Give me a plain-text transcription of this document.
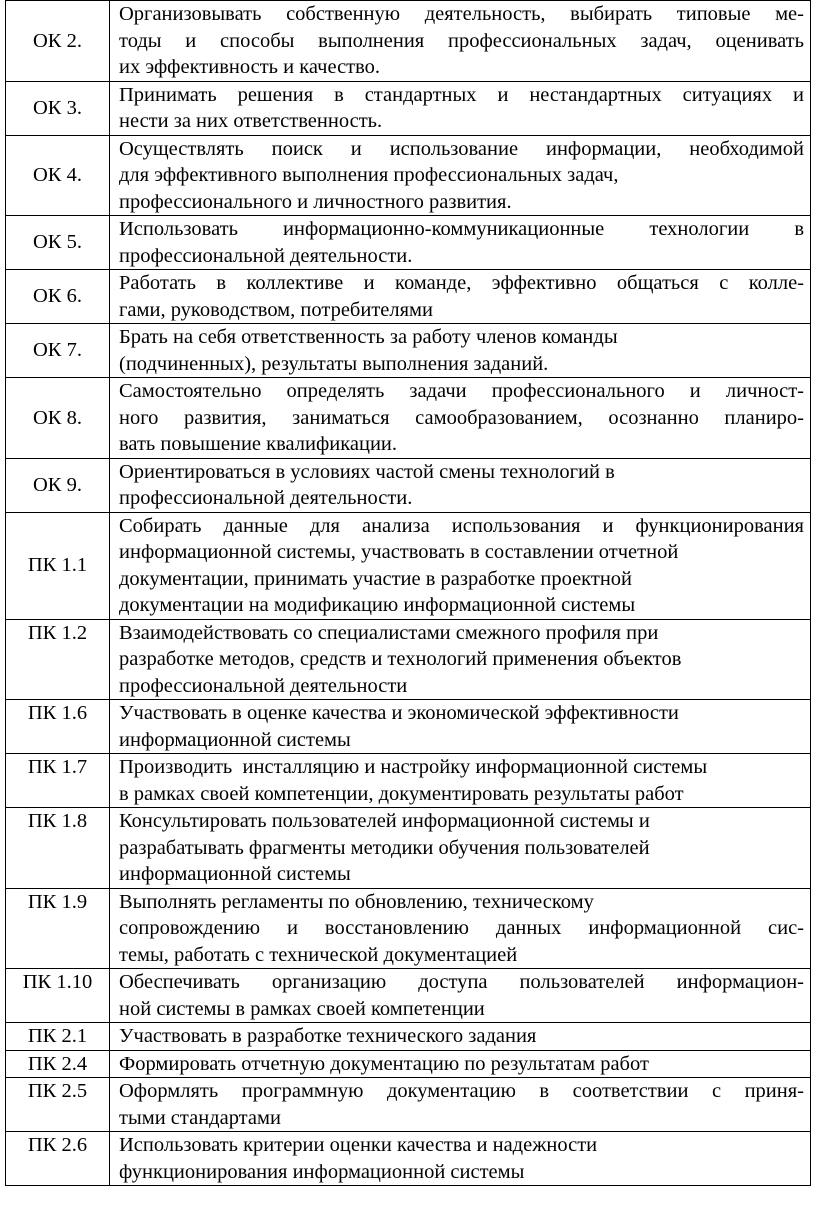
ОК 2.	Организовывать собственную деятельность, выбирать типовые ме-
тоды и способы выполнения профессиональных задач, оценивать
их эффективность и качество.

ОК 3.	Принимать решения в стандартных и нестандартных ситуациях и
нести за них ответственность.

ОК 4.	Осуществлять поиск и использование информации, необходимой
для эффективного выполнения профессиональных задач,
профессионального и личностного развития.

ОК 5.	Использовать информационно-коммуникационные технологии в
профессиональной деятельности.

ОК 6.	Работать в коллективе и команде, эффективно общаться с колле-
гами, руководством, потребителями

ОК 7.	Брать на себя ответственность за работу членов команды
(подчиненных), результаты выполнения заданий.

ОК 8.	Самостоятельно определять задачи профессионального и личност-
ного развития, заниматься самообразованием, осознанно планиро-
вать повышение квалификации.

ОК 9.	Ориентироваться в условиях частой смены технологий в
профессиональной деятельности.

ПК 1.1	Собирать данные для анализа использования и функционирования
информационной системы, участвовать в составлении отчетной
документации, принимать участие в разработке проектной
документации на модификацию информационной системы

ПК 1.2	Взаимодействовать со специалистами смежного профиля при
разработке методов, средств и технологий применения объектов
профессиональной деятельности

ПК 1.6	Участвовать в оценке качества и экономической эффективности
информационной системы

ПК 1.7	Производить  инсталляцию и настройку информационной системы
в рамках своей компетенции, документировать результаты работ

ПК 1.8	Консультировать пользователей информационной системы и
разрабатывать фрагменты методики обучения пользователей
информационной системы

ПК 1.9	Выполнять регламенты по обновлению, техническому
сопровождению и восстановлению данных информационной сис-
темы, работать с технической документацией

ПК 1.10	Обеспечивать организацию доступа пользователей информацион-
ной системы в рамках своей компетенции

ПК 2.1	Участвовать в разработке технического задания

ПК 2.4	Формировать отчетную документацию по результатам работ

ПК 2.5	Оформлять программную документацию в соответствии с приня-
тыми стандартами

ПК 2.6	Использовать критерии оценки качества и надежности
функционирования информационной системы
